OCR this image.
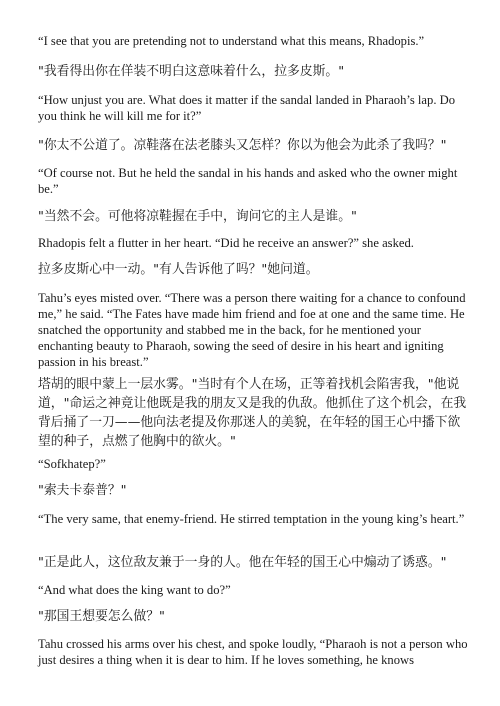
“I see that you are pretending not to understand what this means, Rhadopis.”

"我看得出你在佯装不明白这意味着什么，拉多皮斯。"

“How unjust you are. What does it matter if the sandal landed in Pharaoh’s lap. Do you think he will kill me for it?”

"你太不公道了。凉鞋落在法老膝头又怎样？你以为他会为此杀了我吗？"

“Of course not. But he held the sandal in his hands and asked who the owner might be.”

"当然不会。可他将凉鞋握在手中，询问它的主人是谁。"

Rhadopis felt a flutter in her heart. “Did he receive an answer?” she asked.

拉多皮斯心中一动。"有人告诉他了吗？"她问道。

Tahu’s eyes misted over. “There was a person there waiting for a chance to confound me,” he said. “The Fates have made him friend and foe at one and the same time. He snatched the opportunity and stabbed me in the back, for he mentioned your enchanting beauty to Pharaoh, sowing the seed of desire in his heart and igniting passion in his breast.”

塔胡的眼中蒙上一层水雾。"当时有个人在场，正等着找机会陷害我，"他说道，"命运之神竟让他既是我的朋友又是我的仇敌。他抓住了这个机会，在我背后捅了一刀——他向法老提及你那迷人的美貌，在年轻的国王心中播下欲望的种子，点燃了他胸中的欲火。"

“Sofkhatep?”

"索夫卡泰普？"

“The very same, that enemy-friend. He stirred temptation in the young king’s heart.”

"正是此人，这位敌友兼于一身的人。他在年轻的国王心中煽动了诱惑。"

“And what does the king want to do?”

"那国王想要怎么做？"

Tahu crossed his arms over his chest, and spoke loudly, “Pharaoh is not a person who just desires a thing when it is dear to him. If he loves something, he knows
